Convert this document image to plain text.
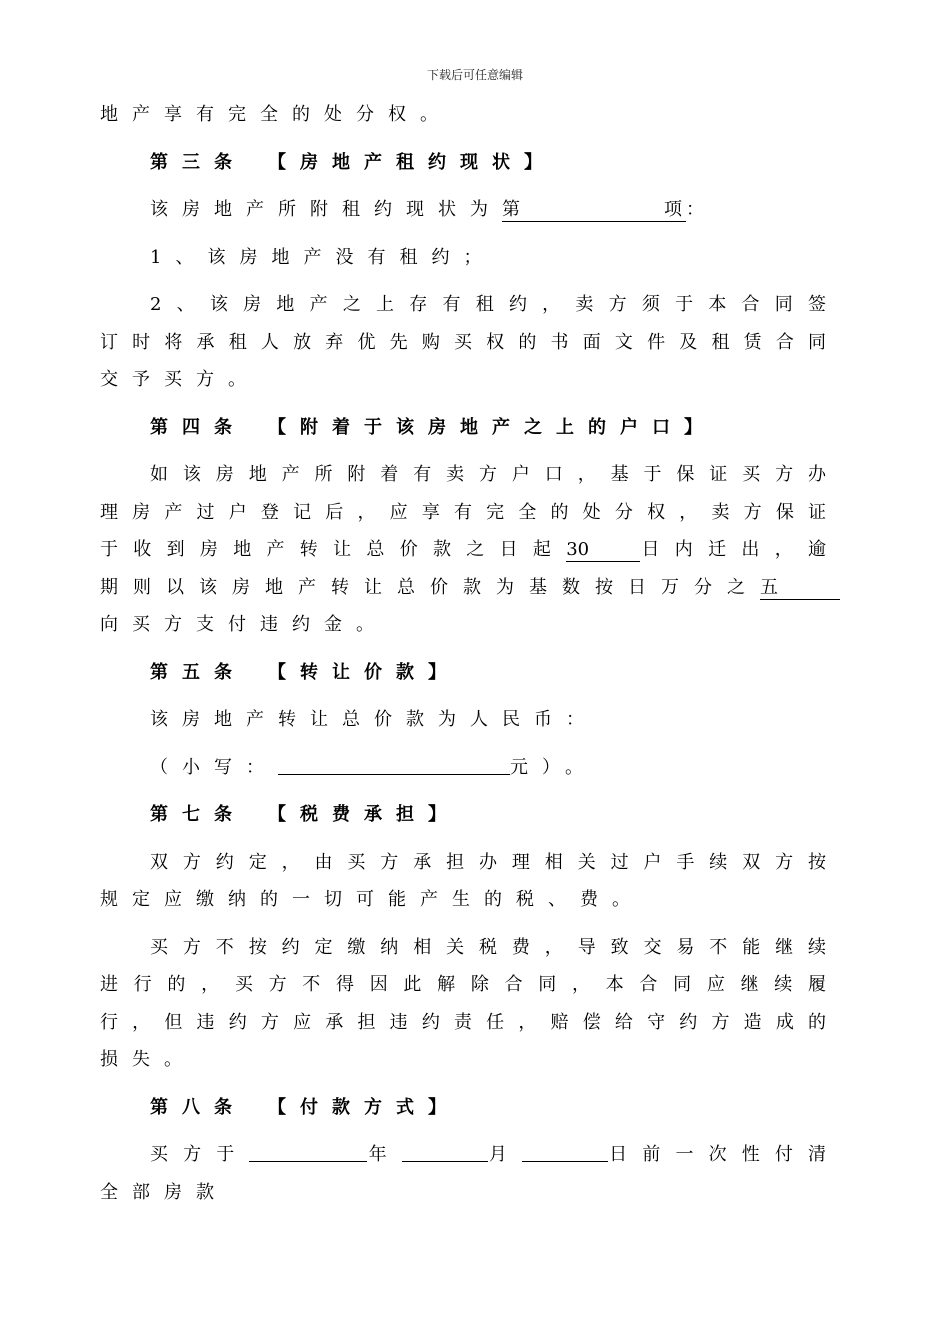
下载后可任意编辑

地产享有完全的处分权。

第三条 【房地产租约现状】

该房地产所附租约现状为第	项 ：

1、该房地产没有租约；

2、该房地产之上存有租约，卖方须于本合同签订时将承租人放弃优先购买权的书面文件及租赁合同交予买方。

第四条 【附着于该房地产之上的户口】

如该房地产所附着有卖方户口，基于保证买方办理房产过户登记后，应享有完全的处分权，卖方保证于收到房地产转让总价款之日起30	日内迁出，逾期则以该房地产转让总价款为基数按日万分之五向买方支付违约金。

第五条 【转让价款】

该房地产转让总价款为人民币：

（小写：	元）。

第七条 【税费承担】

双方约定，由买方承担办理相关过户手续双方按规定应缴纳的一切可能产生的税、费。

买方不按约定缴纳相关税费，导致交易不能继续进行的，买方不得因此解除合同，本合同应继续履行，但违约方应承担违约责任，赔偿给守约方造成的损失。

第八条 【付款方式】

买方于	年	月	日前一次性付清全部房款
